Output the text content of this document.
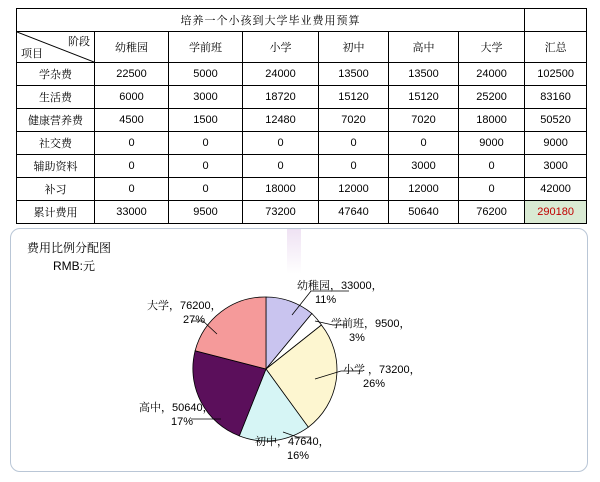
培养一个小孩到大学毕业费用预算							

阶段
项目	幼稚园	学前班	小学	初中	高中	大学	汇总
学杂费	22500	5000	24000	13500	13500	24000	102500
生活费	6000	3000	18720	15120	15120	25200	83160
健康营养费	4500	1500	12480	7020	7020	18000	50520
社交费	0	0	0	0	0	9000	9000
辅助资料	0	0	0	0	3000	0	3000
补习	0	0	18000	12000	12000	0	42000
累计费用	33000	9500	73200	47640	50640	76200	290180
费用比例分配图
RMB:元
幼稚园，33000，
11%
学前班，9500，
3%
小学 ，73200，
26%
初中，47640，
16%
高中，50640，
17%
大学，76200，
27%
